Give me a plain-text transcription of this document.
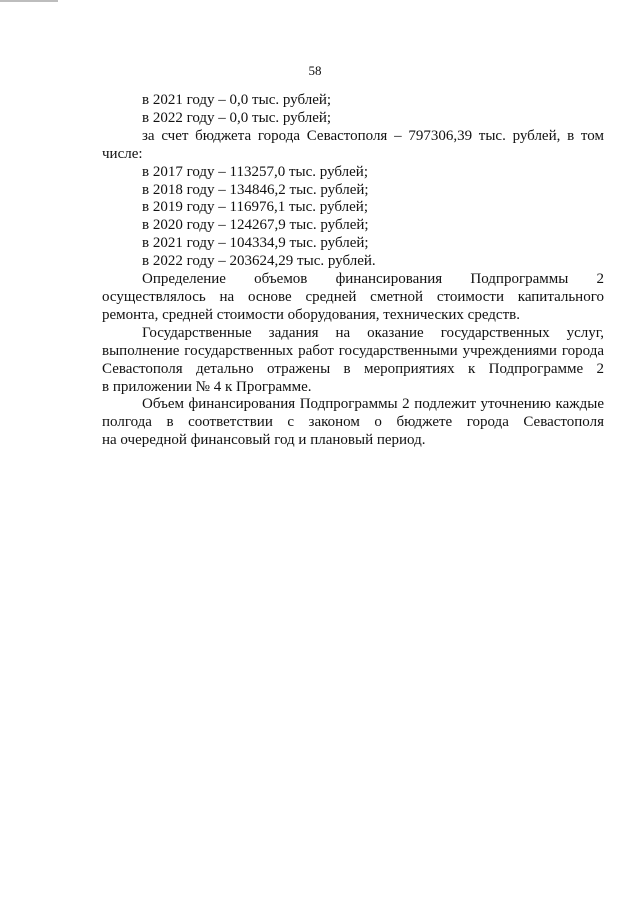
58
в 2021 году – 0,0 тыс. рублей;
в 2022 году – 0,0 тыс. рублей;
за счет бюджета города Севастополя – 797306,39 тыс. рублей, в том
числе:
в 2017 году – 113257,0 тыс. рублей;
в 2018 году – 134846,2 тыс. рублей;
в 2019 году – 116976,1 тыс. рублей;
в 2020 году – 124267,9 тыс. рублей;
в 2021 году – 104334,9 тыс. рублей;
в 2022 году – 203624,29 тыс. рублей.
Определение объемов финансирования Подпрограммы 2
осуществлялось на основе средней сметной стоимости капитального
ремонта, средней стоимости оборудования, технических средств.
Государственные задания на оказание государственных услуг,
выполнение государственных работ государственными учреждениями города
Севастополя детально отражены в мероприятиях к Подпрограмме 2
в приложении № 4 к Программе.
Объем финансирования Подпрограммы 2 подлежит уточнению каждые
полгода в соответствии с законом о бюджете города Севастополя
на очередной финансовый год и плановый период.
